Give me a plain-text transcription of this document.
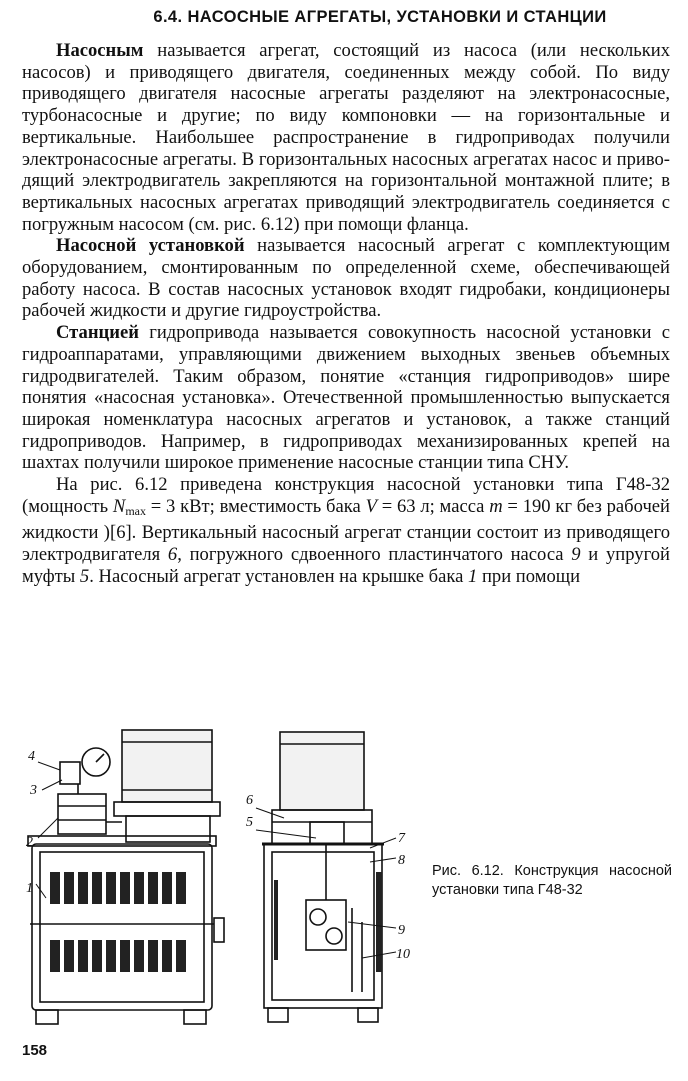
6.4. НАСОСНЫЕ АГРЕГАТЫ, УСТАНОВКИ И СТАНЦИИ

Насосным называется агрегат, состоящий из насоса (или нескольких насосов) и приводящего двигателя, соединенных между собой. По виду приводящего двигателя насосные агрегаты разделяют на электронасосные, турбонасосные и другие; по виду компоновки — на горизонтальные и вертикальные. Наибольшее распространение в гидроприводах получили электронасосные агрегаты. В горизонтальных насосных агрегатах насос и приводящий электродвигатель закрепляются на горизонтальной монтажной плите; в вертикальных насосных агрегатах приводящий электродвигатель соединяется с погружным насосом (см. рис. 6.12) при помощи фланца.

Насосной установкой называется насосный агрегат с комплектующим оборудованием, смонтированным по определенной схеме, обеспечивающей работу насоса. В состав насосных установок входят гидробаки, кондиционеры рабочей жидкости и другие гидроустройства.

Станцией гидропривода называется совокупность насосной установки с гидроаппаратами, управляющими движением выходных звеньев объемных гидродвигателей. Таким образом, понятие «станция гидроприводов» шире понятия «насосная установка». Отечественной промышленностью выпускается широкая номенклатура насосных агрегатов и установок, а также станций гидроприводов. Например, в гидроприводах механизированных крепей на шахтах получили широкое применение насосные станции типа СНУ.

На рис. 6.12 приведена конструкция насосной установки типа Г48-32 (мощность $N_{max} = 3$ кВт; вместимость бака V = 63 л; масса m = 190 кг без рабочей жидкости )[6]. Вертикальный насосный агрегат станции состоит из приводящего электродвигателя 6, погружного сдвоенного пластинчатого насоса 9 и упругой муфты 5. Насосный агрегат установлен на крышке бака 1 при помощи

4
3
2
1
6
5
7
8
9
10
Рис. 6.12. Конструкция насосной установки типа Г48-32
158
